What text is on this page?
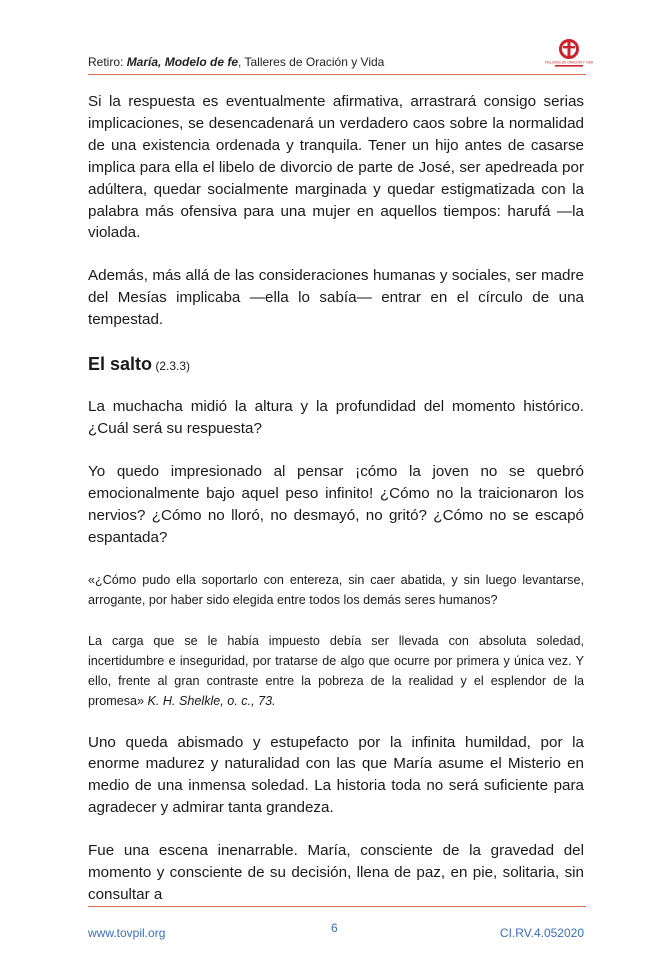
Retiro: María, Modelo de fe, Talleres de Oración y Vida	TALLERES DE ORACIÓN Y VIDA

Si la respuesta es eventualmente afirmativa, arrastrará consigo serias implicaciones, se desencadenará un verdadero caos sobre la normalidad de una existencia ordenada y tranquila. Tener un hijo antes de casarse implica para ella el libelo de divorcio de parte de José, ser apedreada por adúltera, quedar socialmente marginada y quedar estigmatizada con la palabra más ofensiva para una mujer en aquellos tiempos: harufá —la violada.

Además, más allá de las consideraciones humanas y sociales, ser madre del Mesías implicaba —ella lo sabía— entrar en el círculo de una tempestad.

El salto (2.3.3)

La muchacha midió la altura y la profundidad del momento histórico. ¿Cuál será su respuesta?

Yo quedo impresionado al pensar ¡cómo la joven no se quebró emocionalmente bajo aquel peso infinito! ¿Cómo no la traicionaron los nervios? ¿Cómo no lloró, no desmayó, no gritó? ¿Cómo no se escapó espantada?

«¿Cómo pudo ella soportarlo con entereza, sin caer abatida, y sin luego levantarse, arrogante, por haber sido elegida entre todos los demás seres humanos?

La carga que se le había impuesto debía ser llevada con absoluta soledad, incertidumbre e inseguridad, por tratarse de algo que ocurre por primera y única vez. Y ello, frente al gran contraste entre la pobreza de la realidad y el esplendor de la promesa» K. H. Shelkle, o. c., 73.

Uno queda abismado y estupefacto por la infinita humildad, por la enorme madurez y naturalidad con las que María asume el Misterio en medio de una inmensa soledad. La historia toda no será suficiente para agradecer y admirar tanta grandeza.

Fue una escena inenarrable. María, consciente de la gravedad del momento y consciente de su decisión, llena de paz, en pie, solitaria, sin consultar a

www.tovpil.org	6	CI.RV.4.052020
